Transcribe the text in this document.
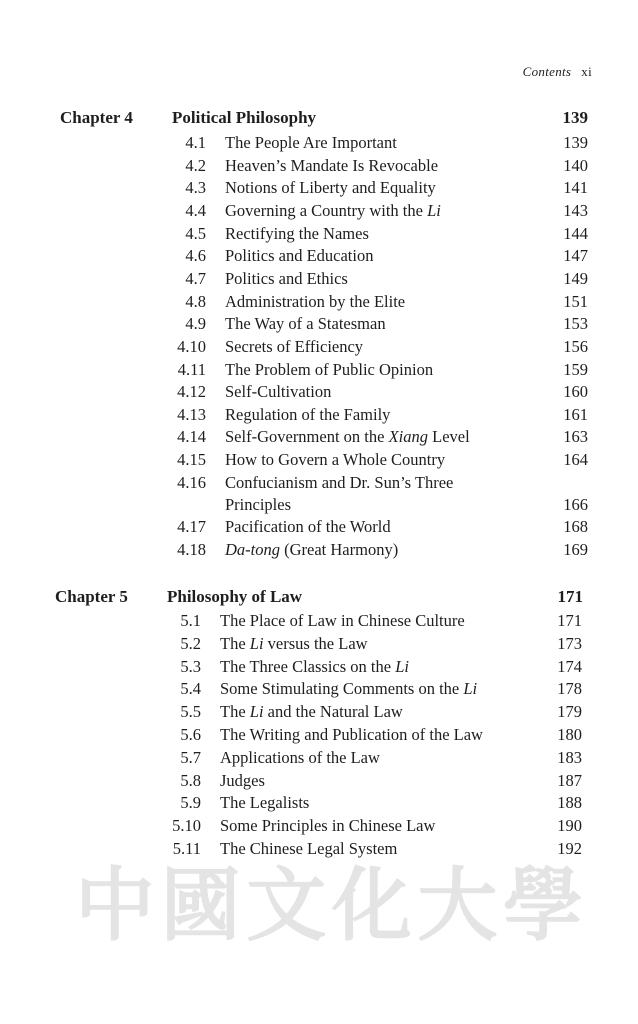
Contents xi
Chapter 4 Political Philosophy	139
4.1 The People Are Important	139
4.2 Heaven’s Mandate Is Revocable	140
4.3 Notions of Liberty and Equality	141
4.4 Governing a Country with the Li	143
4.5 Rectifying the Names	144
4.6 Politics and Education	147
4.7 Politics and Ethics	149
4.8 Administration by the Elite	151
4.9 The Way of a Statesman	153
4.10 Secrets of Efficiency	156
4.11 The Problem of Public Opinion	159
4.12 Self-Cultivation	160
4.13 Regulation of the Family	161
4.14 Self-Government on the Xiang Level	163
4.15 How to Govern a Whole Country	164
4.16 Confucianism and Dr. Sun’s Three
Principles	166
4.17 Pacification of the World	168
4.18 Da-tong (Great Harmony)	169
Chapter 5 Philosophy of Law	171
5.1 The Place of Law in Chinese Culture	171
5.2 The Li versus the Law	173
5.3 The Three Classics on the Li	174
5.4 Some Stimulating Comments on the Li	178
5.5 The Li and the Natural Law	179
5.6 The Writing and Publication of the Law	180
5.7 Applications of the Law	183
5.8 Judges	187
5.9 The Legalists	188
5.10 Some Principles in Chinese Law	190
5.11 The Chinese Legal System	192
中 國 文 化 大 學
